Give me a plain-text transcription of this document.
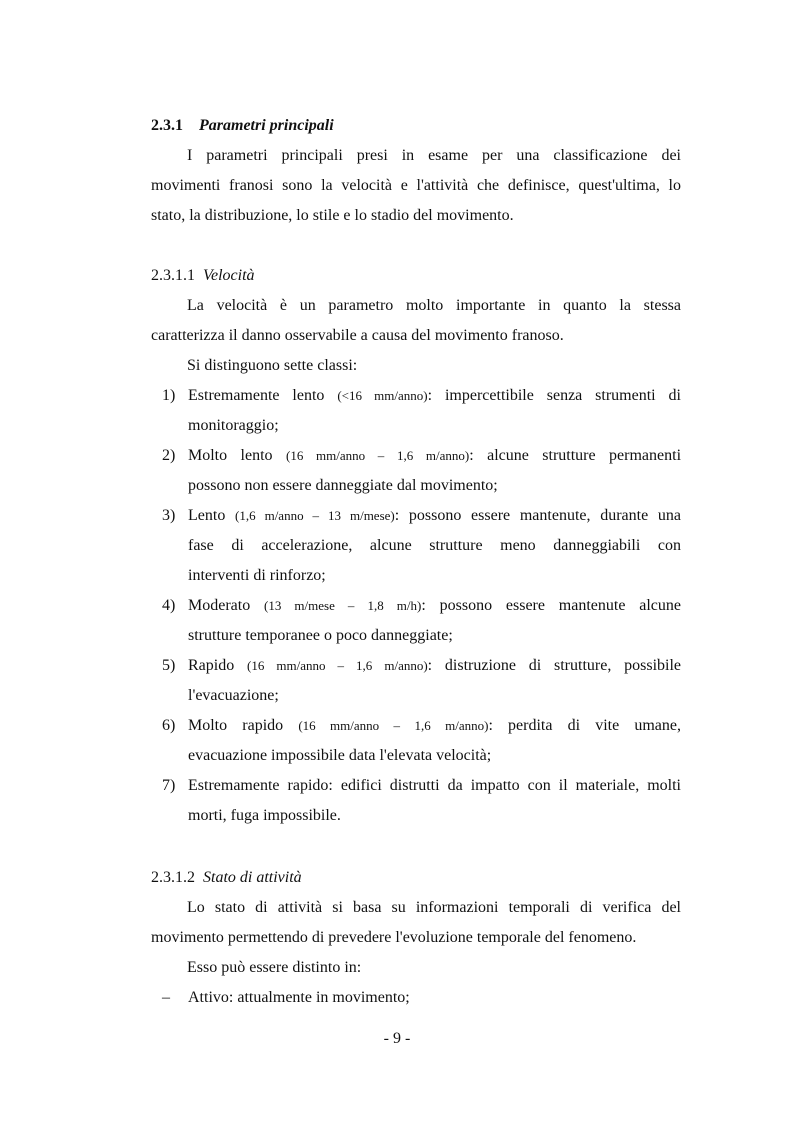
2.3.1 Parametri principali
I parametri principali presi in esame per una classificazione dei
movimenti franosi sono la velocità e l'attività che definisce, quest'ultima, lo
stato, la distribuzione, lo stile e lo stadio del movimento.
2.3.1.1 Velocità
La velocità è un parametro molto importante in quanto la stessa
caratterizza il danno osservabile a causa del movimento franoso.
Si distinguono sette classi:
1) Estremamente lento (<16 mm/anno): impercettibile senza strumenti di
monitoraggio;
2) Molto lento (16 mm/anno – 1,6 m/anno): alcune strutture permanenti
possono non essere danneggiate dal movimento;
3) Lento (1,6 m/anno – 13 m/mese): possono essere mantenute, durante una
fase di accelerazione, alcune strutture meno danneggiabili con
interventi di rinforzo;
4) Moderato (13 m/mese – 1,8 m/h): possono essere mantenute alcune
strutture temporanee o poco danneggiate;
5) Rapido (16 mm/anno – 1,6 m/anno): distruzione di strutture, possibile
l'evacuazione;
6) Molto rapido (16 mm/anno – 1,6 m/anno): perdita di vite umane,
evacuazione impossibile data l'elevata velocità;
7) Estremamente rapido: edifici distrutti da impatto con il materiale, molti
morti, fuga impossibile.
2.3.1.2 Stato di attività
Lo stato di attività si basa su informazioni temporali di verifica del
movimento permettendo di prevedere l'evoluzione temporale del fenomeno.
Esso può essere distinto in:
–	Attivo: attualmente in movimento;
- 9 -
